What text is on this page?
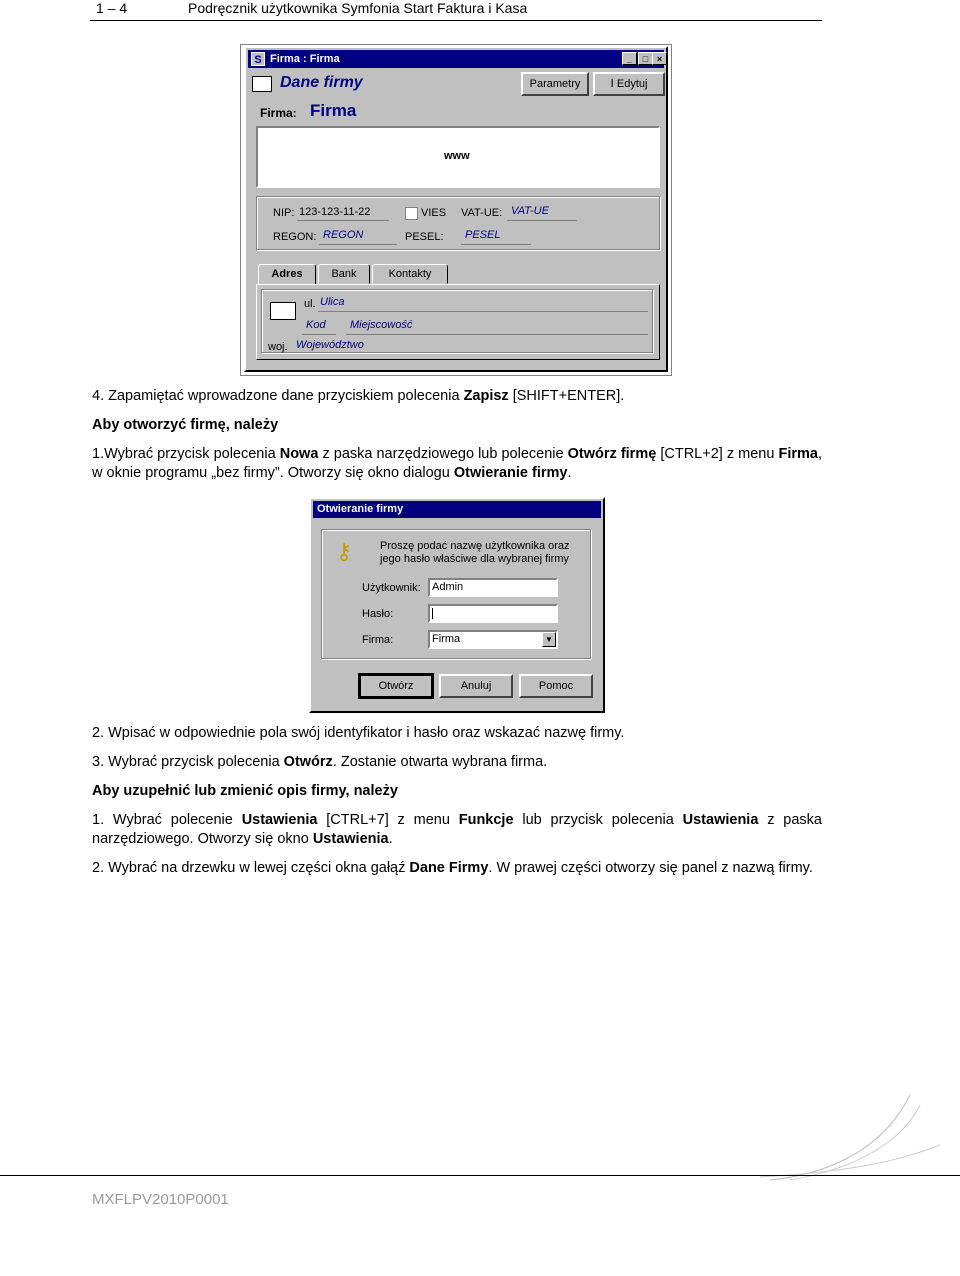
1 – 4	Podręcznik użytkownika Symfonia Start Faktura i Kasa
S Firma : Firma	_	□ ×
Dane firmy	Parametry	Ⅰ Edytuj
Firma: Firma
www
NIP: 123-123-11-22	VIES VAT-UE: VAT-UE
REGON: REGON	PESEL: PESEL
Adres	Bank	Kontakty
ul. Ulica
Kod Miejscowość
woj. Województwo
4. Zapamiętać wprowadzone dane przyciskiem polecenia Zapisz [SHIFT+ENTER].
Aby otworzyć firmę, należy
1.Wybrać przycisk polecenia Nowa z paska narzędziowego lub polecenie Otwórz firmę [CTRL+2] z menu Firma, w oknie programu „bez firmy”. Otworzy się okno dialogu Otwieranie firmy.
Otwieranie firmy
⚷	Proszę podać nazwę użytkownika oraz jego hasło właściwe dla wybranej firmy
Użytkownik:	Admin
Hasło:
Firma:	Firma	▼
Otwórz	Anuluj	Pomoc
2. Wpisać w odpowiednie pola swój identyfikator i hasło oraz wskazać nazwę firmy.
3. Wybrać przycisk polecenia Otwórz. Zostanie otwarta wybrana firma.
Aby uzupełnić lub zmienić opis firmy, należy
1. Wybrać polecenie Ustawienia [CTRL+7] z menu Funkcje lub przycisk polecenia Ustawienia z paska narzędziowego. Otworzy się okno Ustawienia.
2. Wybrać na drzewku w lewej części okna gałąź Dane Firmy. W prawej części otworzy się panel z nazwą firmy.
MXFLPV2010P0001
